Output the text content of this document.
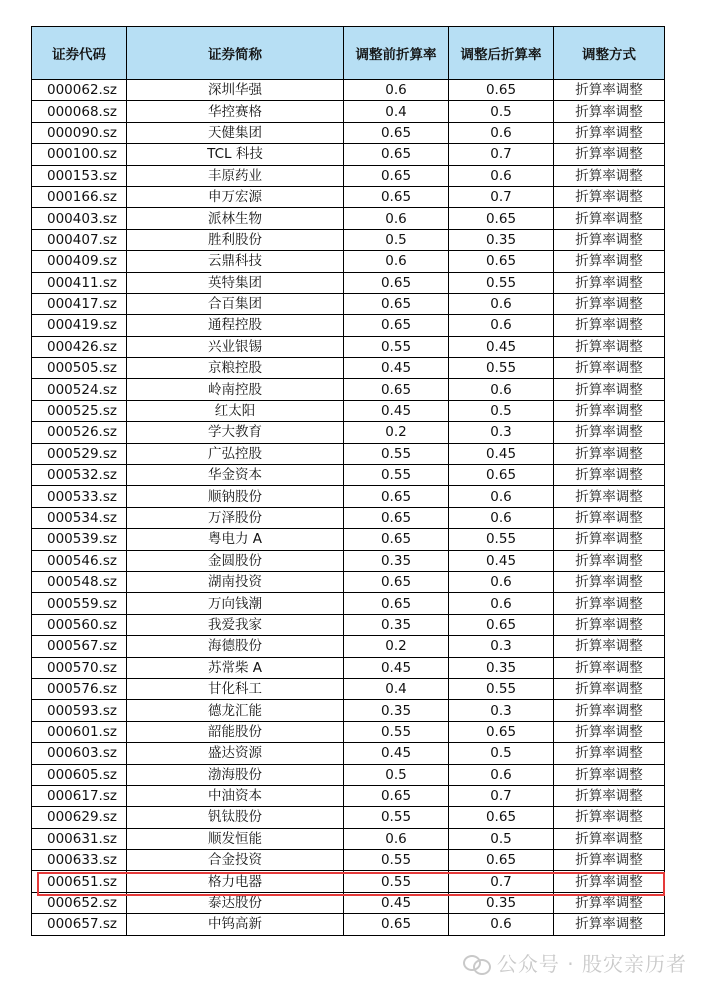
证券代码	证券简称	调整前折算率	调整后折算率	调整方式
000062.sz	深圳华强	0.6	0.65	折算率调整
000068.sz	华控赛格	0.4	0.5	折算率调整
000090.sz	天健集团	0.65	0.6	折算率调整
000100.sz	TCL 科技	0.65	0.7	折算率调整
000153.sz	丰原药业	0.65	0.6	折算率调整
000166.sz	申万宏源	0.65	0.7	折算率调整
000403.sz	派林生物	0.6	0.65	折算率调整
000407.sz	胜利股份	0.5	0.35	折算率调整
000409.sz	云鼎科技	0.6	0.65	折算率调整
000411.sz	英特集团	0.65	0.55	折算率调整
000417.sz	合百集团	0.65	0.6	折算率调整
000419.sz	通程控股	0.65	0.6	折算率调整
000426.sz	兴业银锡	0.55	0.45	折算率调整
000505.sz	京粮控股	0.45	0.55	折算率调整
000524.sz	岭南控股	0.65	0.6	折算率调整
000525.sz	红太阳	0.45	0.5	折算率调整
000526.sz	学大教育	0.2	0.3	折算率调整
000529.sz	广弘控股	0.55	0.45	折算率调整
000532.sz	华金资本	0.55	0.65	折算率调整
000533.sz	顺钠股份	0.65	0.6	折算率调整
000534.sz	万泽股份	0.65	0.6	折算率调整
000539.sz	粤电力 A	0.65	0.55	折算率调整
000546.sz	金圆股份	0.35	0.45	折算率调整
000548.sz	湖南投资	0.65	0.6	折算率调整
000559.sz	万向钱潮	0.65	0.6	折算率调整
000560.sz	我爱我家	0.35	0.65	折算率调整
000567.sz	海德股份	0.2	0.3	折算率调整
000570.sz	苏常柴 A	0.45	0.35	折算率调整
000576.sz	甘化科工	0.4	0.55	折算率调整
000593.sz	德龙汇能	0.35	0.3	折算率调整
000601.sz	韶能股份	0.55	0.65	折算率调整
000603.sz	盛达资源	0.45	0.5	折算率调整
000605.sz	渤海股份	0.5	0.6	折算率调整
000617.sz	中油资本	0.65	0.7	折算率调整
000629.sz	钒钛股份	0.55	0.65	折算率调整
000631.sz	顺发恒能	0.6	0.5	折算率调整
000633.sz	合金投资	0.55	0.65	折算率调整
000651.sz	格力电器	0.55	0.7	折算率调整
000652.sz	泰达股份	0.45	0.35	折算率调整
000657.sz	中钨高新	0.65	0.6	折算率调整
公众号 · 股灾亲历者
